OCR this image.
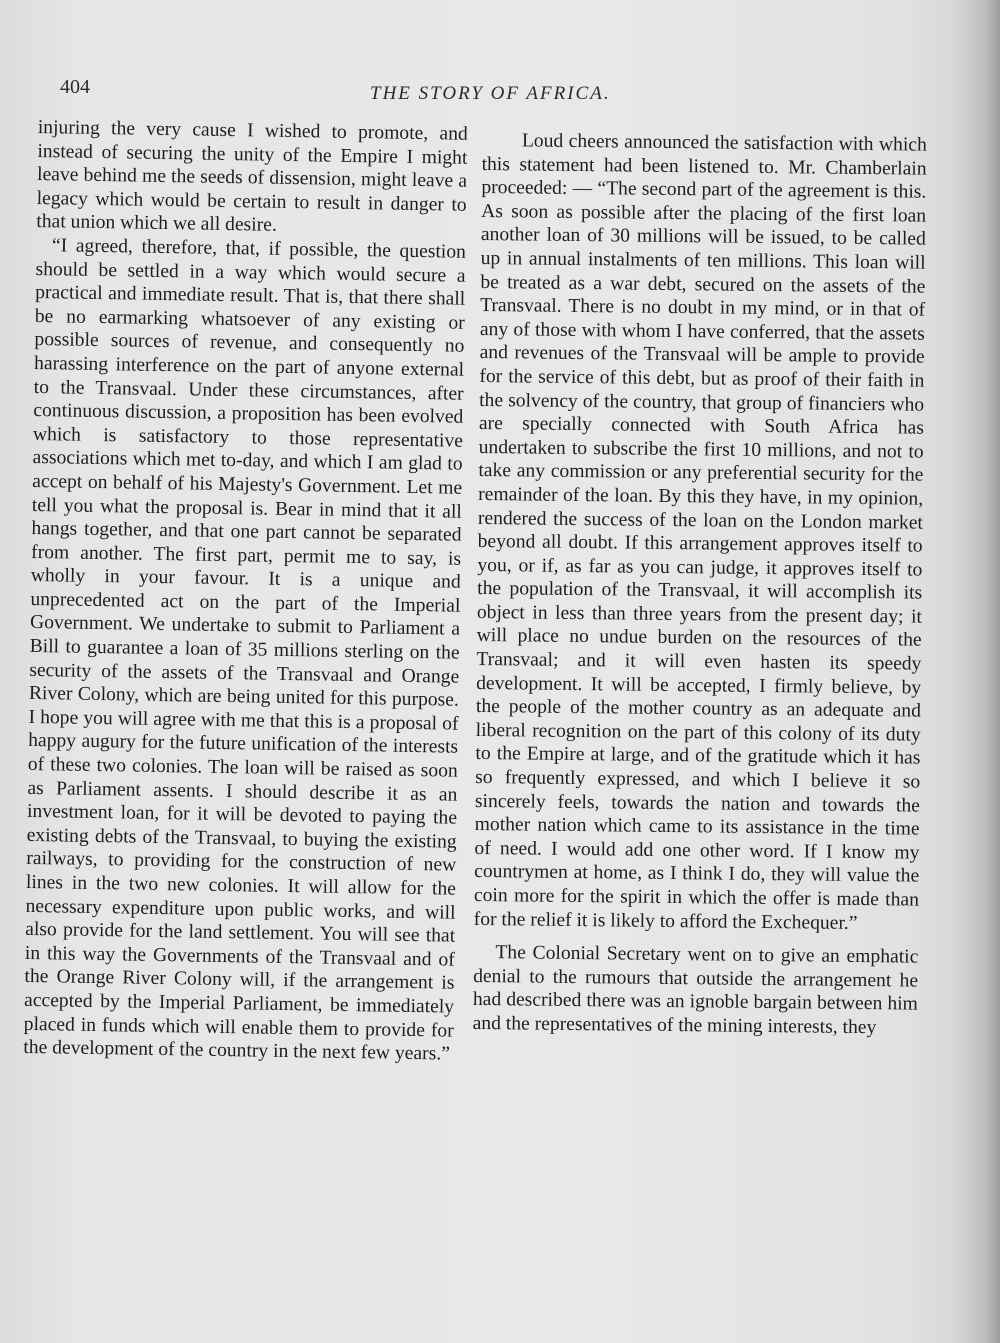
404	THE STORY OF AFRICA.

injuring the very cause I wished to promote, and instead of securing the unity of the Empire I might leave behind me the seeds of dissension, might leave a legacy which would be certain to result in danger to that union which we all desire.

“I agreed, therefore, that, if possible, the question should be settled in a way which would secure a practical and immediate result. That is, that there shall be no earmarking whatsoever of any existing or possible sources of revenue, and consequently no harassing interference on the part of anyone external to the Transvaal. Under these circumstances, after continuous discussion, a proposition has been evolved which is satisfactory to those representative associations which met to-day, and which I am glad to accept on behalf of his Majesty's Government. Let me tell you what the proposal is. Bear in mind that it all hangs together, and that one part cannot be separated from another. The first part, permit me to say, is wholly in your favour. It is a unique and unprecedented act on the part of the Imperial Government. We undertake to submit to Parliament a Bill to guarantee a loan of 35 millions sterling on the security of the assets of the Transvaal and Orange River Colony, which are being united for this purpose. I hope you will agree with me that this is a proposal of happy augury for the future unification of the interests of these two colonies. The loan will be raised as soon as Parliament assents. I should describe it as an investment loan, for it will be devoted to paying the existing debts of the Transvaal, to buying the existing railways, to providing for the construction of new lines in the two new colonies. It will allow for the necessary expenditure upon public works, and will also provide for the land settlement. You will see that in this way the Governments of the Transvaal and of the Orange River Colony will, if the arrangement is accepted by the Imperial Parliament, be immediately placed in funds which will enable them to provide for the development of the country in the next few years.”

Loud cheers announced the satisfaction with which this statement had been listened to. Mr. Chamberlain proceeded: — “The second part of the agreement is this. As soon as possible after the placing of the first loan another loan of 30 millions will be issued, to be called up in annual instalments of ten millions. This loan will be treated as a war debt, secured on the assets of the Transvaal. There is no doubt in my mind, or in that of any of those with whom I have conferred, that the assets and revenues of the Transvaal will be ample to provide for the service of this debt, but as proof of their faith in the solvency of the country, that group of financiers who are specially connected with South Africa has undertaken to subscribe the first 10 millions, and not to take any commission or any preferential security for the remainder of the loan. By this they have, in my opinion, rendered the success of the loan on the London market beyond all doubt. If this arrangement approves itself to you, or if, as far as you can judge, it approves itself to the population of the Transvaal, it will accomplish its object in less than three years from the present day; it will place no undue burden on the resources of the Transvaal; and it will even hasten its speedy development. It will be accepted, I firmly believe, by the people of the mother country as an adequate and liberal recognition on the part of this colony of its duty to the Empire at large, and of the gratitude which it has so frequently expressed, and which I believe it so sincerely feels, towards the nation and towards the mother nation which came to its assistance in the time of need. I would add one other word. If I know my countrymen at home, as I think I do, they will value the coin more for the spirit in which the offer is made than for the relief it is likely to afford the Exchequer.”

The Colonial Secretary went on to give an emphatic denial to the rumours that outside the arrangement he had described there was an ignoble bargain between him and the representatives of the mining interests, they
